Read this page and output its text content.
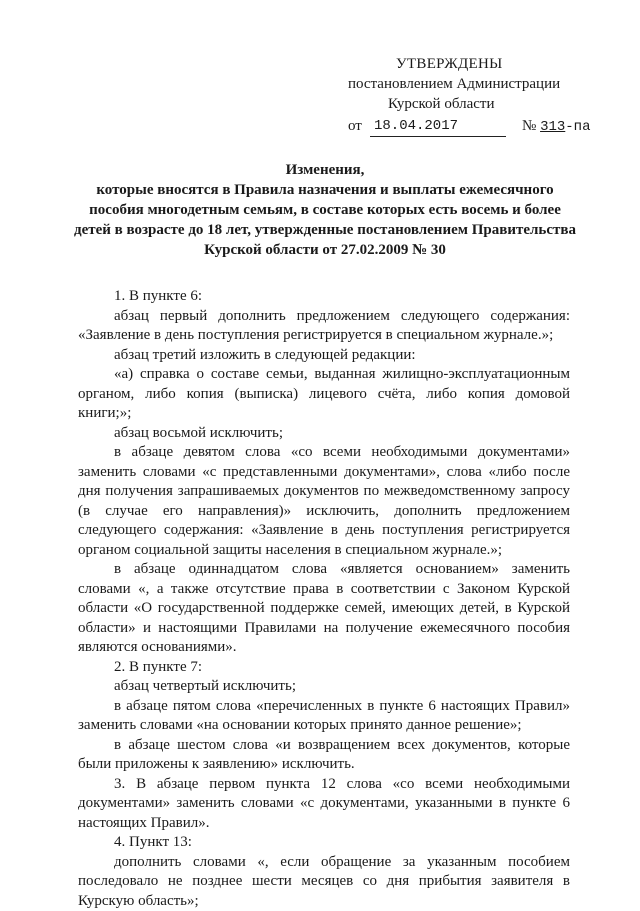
УТВЕРЖДЕНЫ
постановлением Администрации
Курской области
от 18.04.2017	№ 313-па
Изменения,
которые вносятся в Правила назначения и выплаты ежемесячного пособия многодетным семьям, в составе которых есть восемь и более детей в возрасте до 18 лет, утвержденные постановлением Правительства Курской области от 27.02.2009 № 30

1. В пункте 6:

абзац первый дополнить предложением следующего содержания: «Заявление в день поступления регистрируется в специальном журнале.»;

абзац третий изложить в следующей редакции:

«а) справка о составе семьи, выданная жилищно-эксплуатационным органом, либо копия (выписка) лицевого счёта, либо копия домовой книги;»;

абзац восьмой исключить;

в абзаце девятом слова «со всеми необходимыми документами» заменить словами «с представленными документами», слова «либо после дня получения запрашиваемых документов по межведомственному запросу (в случае его направления)» исключить, дополнить предложением следующего содержания: «Заявление в день поступления регистрируется органом социальной защиты населения в специальном журнале.»;

в абзаце одиннадцатом слова «является основанием» заменить словами «, а также отсутствие права в соответствии с Законом Курской области «О государственной поддержке семей, имеющих детей, в Курской области» и настоящими Правилами на получение ежемесячного пособия являются основаниями».

2. В пункте 7:

абзац четвертый исключить;

в абзаце пятом слова «перечисленных в пункте 6 настоящих Правил» заменить словами «на основании которых принято данное решение»;

в абзаце шестом слова «и возвращением всех документов, которые были приложены к заявлению» исключить.

3. В абзаце первом пункта 12 слова «со всеми необходимыми документами» заменить словами «с документами, указанными в пункте 6 настоящих Правил».

4. Пункт 13:

дополнить словами «, если обращение за указанным пособием последовало не позднее шести месяцев со дня прибытия заявителя в Курскую область»;
